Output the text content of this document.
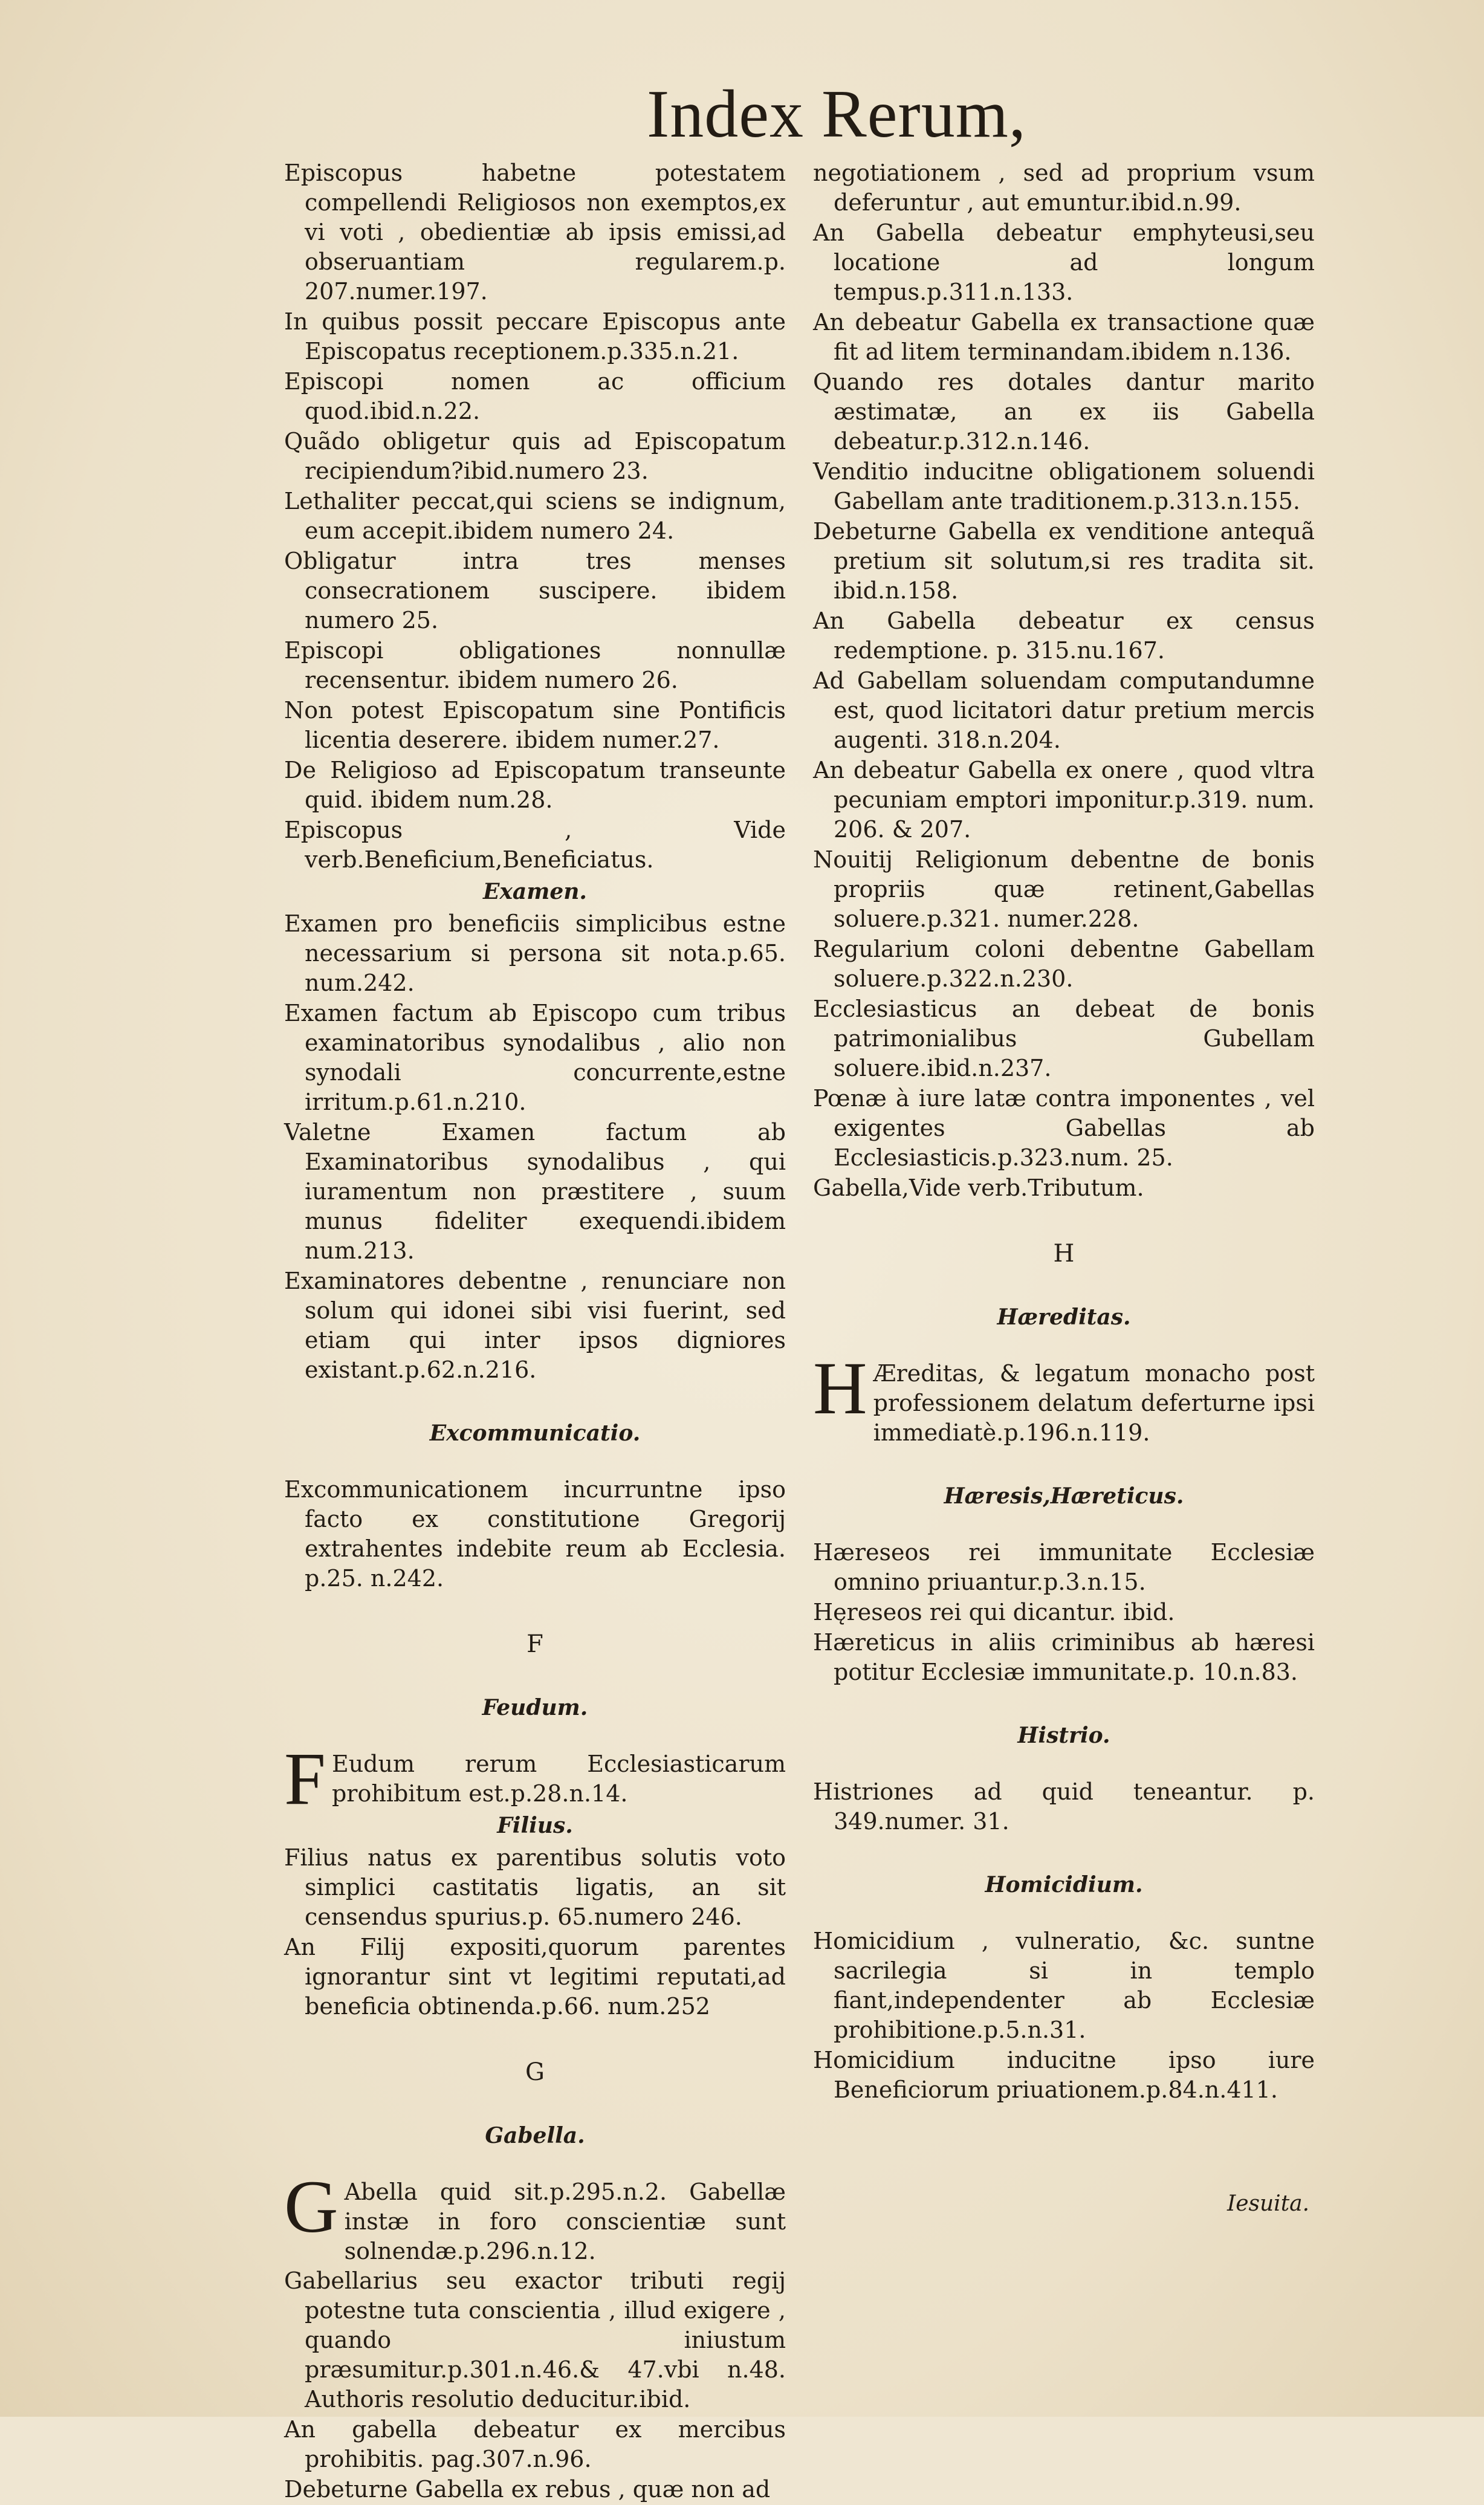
Index Rerum,
Episcopus habetne potestatem compellendi Religiosos non exemptos,ex vi voti , obedientiæ ab ipsis emissi,ad obseruantiam regularem.p. 207.numer.197.
In quibus possit peccare Episcopus ante Episcopatus receptionem.p.335.n.21.
Episcopi nomen ac officium quod.ibid.n.22.
Quãdo obligetur quis ad Episcopatum recipiendum?ibid.numero 23.
Lethaliter peccat,qui sciens se indignum, eum accepit.ibidem numero 24.
Obligatur intra tres menses consecrationem suscipere. ibidem numero 25.
Episcopi obligationes nonnullæ recensentur. ibidem numero 26.
Non potest Episcopatum sine Pontificis licentia deserere. ibidem numer.27.
De Religioso ad Episcopatum transeunte quid. ibidem num.28.
Episcopus , Vide verb.Beneficium,Beneficiatus.
Examen.
Examen pro beneficiis simplicibus estne necessarium si persona sit nota.p.65. num.242.
Examen factum ab Episcopo cum tribus examinatoribus synodalibus , alio non synodali concurrente,estne irritum.p.61.n.210.
Valetne Examen factum ab Examinatoribus synodalibus , qui iuramentum non præstitere , suum munus fideliter exequendi.ibidem num.213.
Examinatores debentne , renunciare non solum qui idonei sibi visi fuerint, sed etiam qui inter ipsos digniores existant.p.62.n.216.
Excommunicatio.
Excommunicationem incurruntne ipso facto ex constitutione Gregorij extrahentes indebite reum ab Ecclesia. p.25. n.242.
F
Feudum.
F Eudum rerum Ecclesiasticarum prohibitum est.p.28.n.14.
Filius.
Filius natus ex parentibus solutis voto simplici castitatis ligatis, an sit censendus spurius.p. 65.numero 246.
An Filij expositi,quorum parentes ignorantur sint vt legitimi reputati,ad beneficia obtinenda.p.66. num.252
G
Gabella.
G Abella quid sit.p.295.n.2. Gabellæ instæ in foro conscientiæ sunt solnendæ.p.296.n.12.
Gabellarius seu exactor tributi regij potestne tuta conscientia , illud exigere , quando iniustum præsumitur.p.301.n.46.& 47.vbi n.48. Authoris resolutio deducitur.ibid.
An gabella debeatur ex mercibus prohibitis. pag.307.n.96.
Debeturne Gabella ex rebus , quæ non ad
negotiationem , sed ad proprium vsum deferuntur , aut emuntur.ibid.n.99.
An Gabella debeatur emphyteusi,seu locatione ad longum tempus.p.311.n.133.
An debeatur Gabella ex transactione quæ fit ad litem terminandam.ibidem n.136.
Quando res dotales dantur marito æstimatæ, an ex iis Gabella debeatur.p.312.n.146.
Venditio inducitne obligationem soluendi Gabellam ante traditionem.p.313.n.155.
Debeturne Gabella ex venditione antequã pretium sit solutum,si res tradita sit. ibid.n.158.
An Gabella debeatur ex census redemptione. p. 315.nu.167.
Ad Gabellam soluendam computandumne est, quod licitatori datur pretium mercis augenti. 318.n.204.
An debeatur Gabella ex onere , quod vltra pecuniam emptori imponitur.p.319. num. 206. & 207.
Nouitij Religionum debentne de bonis propriis quæ retinent,Gabellas soluere.p.321. numer.228.
Regularium coloni debentne Gabellam soluere.p.322.n.230.
Ecclesiasticus an debeat de bonis patrimonialibus Gubellam soluere.ibid.n.237.
Pœnæ à iure latæ contra imponentes , vel exigentes Gabellas ab Ecclesiasticis.p.323.num. 25.
Gabella,Vide verb.Tributum.
H
Hæreditas.
H Æreditas, & legatum monacho post professionem delatum deferturne ipsi immediatè.p.196.n.119.
Hæresis,Hæreticus.
Hæreseos rei immunitate Ecclesiæ omnino priuantur.p.3.n.15.
Hęreseos rei qui dicantur. ibid.
Hæreticus in aliis criminibus ab hæresi potitur Ecclesiæ immunitate.p. 10.n.83.
Histrio.
Histriones ad quid teneantur. p. 349.numer. 31.
Homicidium.
Homicidium , vulneratio, &c. suntne sacrilegia si in templo fiant,independenter ab Ecclesiæ prohibitione.p.5.n.31.
Homicidium inducitne ipso iure Beneficiorum priuationem.p.84.n.411.
Iesuita.
